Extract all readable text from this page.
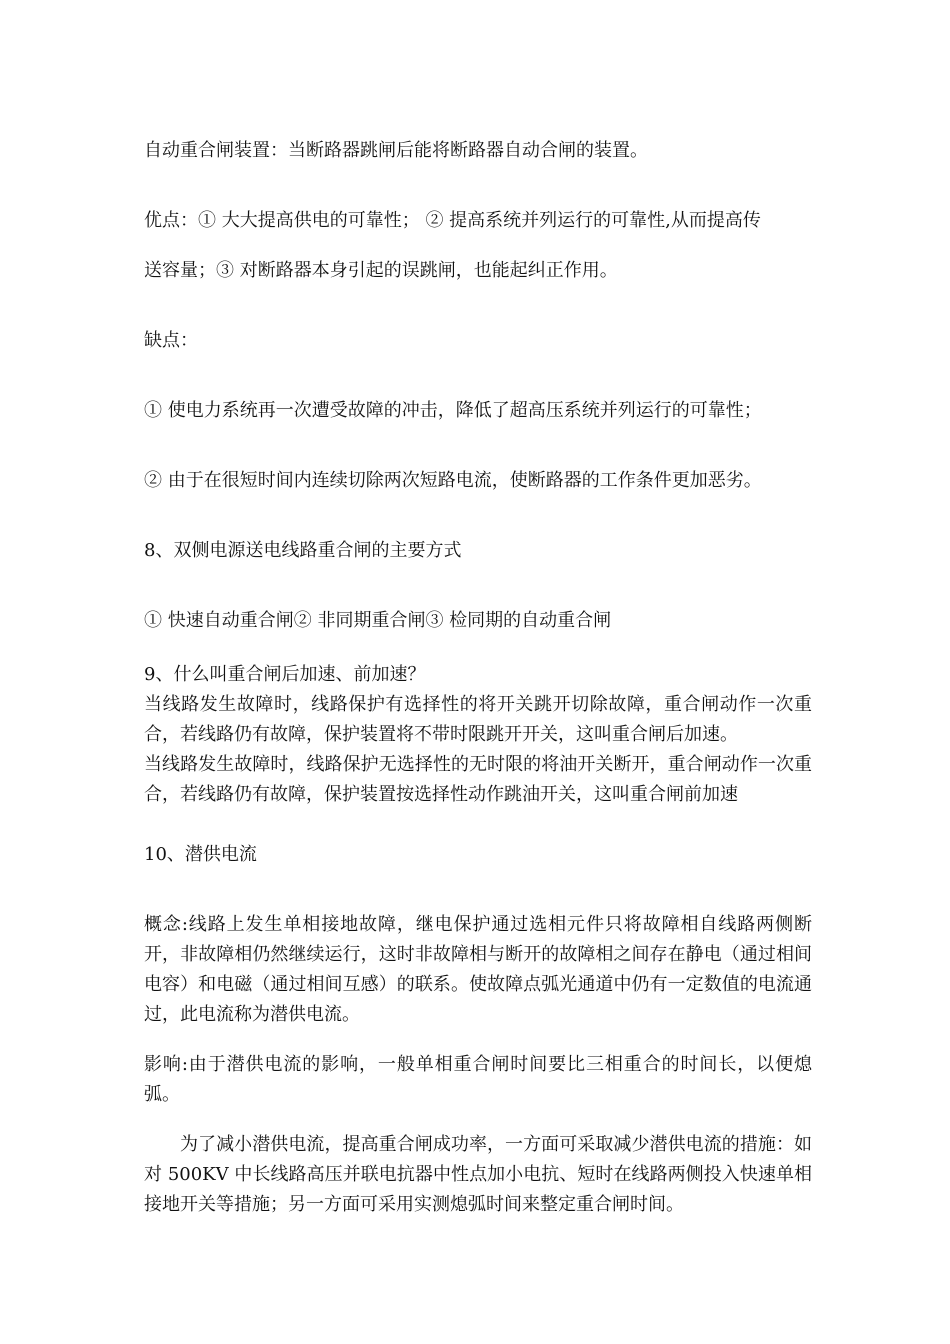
自动重合闸装置：当断路器跳闸后能将断路器自动合闸的装置。
优点：① 大大提高供电的可靠性； ② 提高系统并列运行的可靠性,从而提高传
送容量；③ 对断路器本身引起的误跳闸，也能起纠正作用。
缺点：
① 使电力系统再一次遭受故障的冲击，降低了超高压系统并列运行的可靠性；
② 由于在很短时间内连续切除两次短路电流，使断路器的工作条件更加恶劣。
8、双侧电源送电线路重合闸的主要方式
① 快速自动重合闸② 非同期重合闸③ 检同期的自动重合闸
9、什么叫重合闸后加速、前加速？
当线路发生故障时，线路保护有选择性的将开关跳开切除故障，重合闸动作一次重合，若线路仍有故障，保护装置将不带时限跳开开关，这叫重合闸后加速。
当线路发生故障时，线路保护无选择性的无时限的将油开关断开，重合闸动作一次重合，若线路仍有故障，保护装置按选择性动作跳油开关，这叫重合闸前加速
10、潜供电流
概念:线路上发生单相接地故障，继电保护通过选相元件只将故障相自线路两侧断开，非故障相仍然继续运行，这时非故障相与断开的故障相之间存在静电（通过相间电容）和电磁（通过相间互感）的联系。使故障点弧光通道中仍有一定数值的电流通过，此电流称为潜供电流。
影响:由于潜供电流的影响，一般单相重合闸时间要比三相重合的时间长，以便熄弧。
为了减小潜供电流，提高重合闸成功率，一方面可采取减少潜供电流的措施：如对 500KV 中长线路高压并联电抗器中性点加小电抗、短时在线路两侧投入快速单相接地开关等措施；另一方面可采用实测熄弧时间来整定重合闸时间。
